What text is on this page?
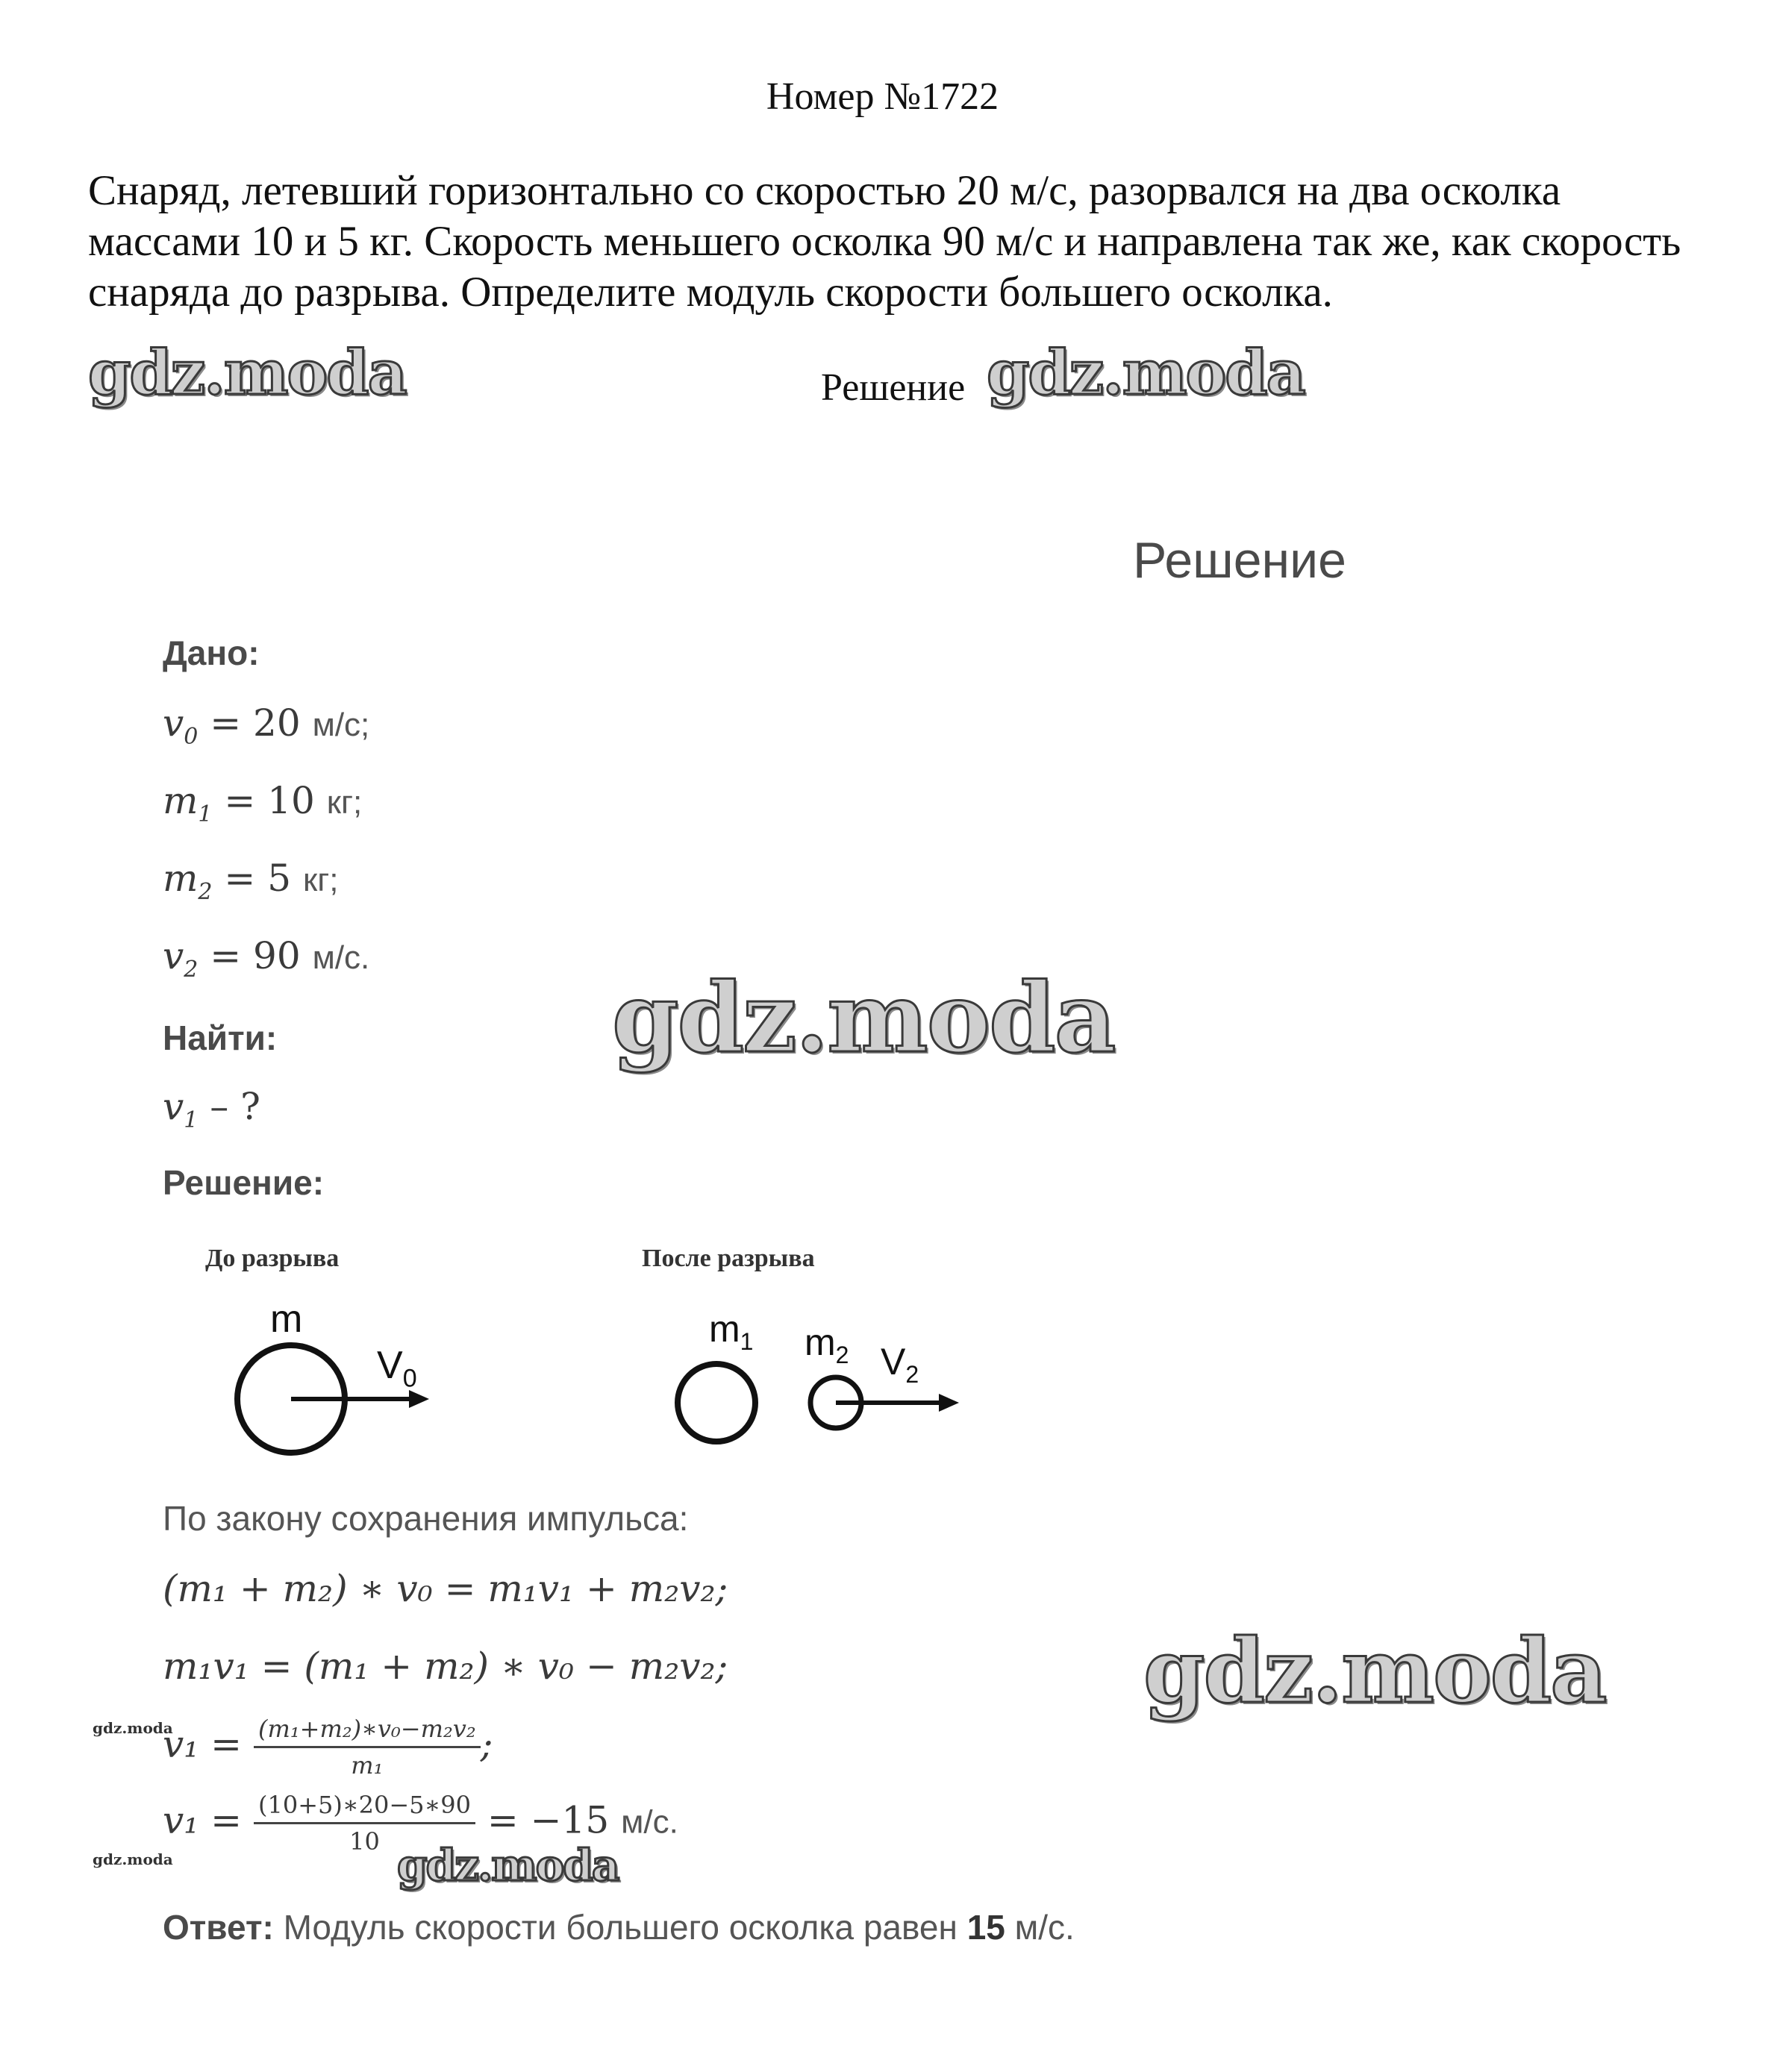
Номер №1722
Снаряд, летевший горизонтально со скоростью 20 м/с, разорвался на два осколка массами 10 и 5 кг. Скорость меньшего осколка 90 м/с и направлена так же, как скорость снаряда до разрыва. Определите модуль скорости большего осколка.
gdz.moda	Решение gdz.moda
Решение
Дано:
$v_0 = 20$ м/с;
$m_1 = 10$ кг;
$m_2 = 5$ кг;
$v_2 = 90$ м/с.
Найти:
$v_1$ – ?
Решение:
gdz.moda
До разрыва	После разрыва
m
$V_0$
$m_1$ $m_2$ $V_2$
По закону сохранения импульса:
(m₁ + m₂) ∗ v₀ = m₁v₁ + m₂v₂;
m₁v₁ = (m₁ + m₂) ∗ v₀ − m₂v₂;	gdz.moda
gdz.moda
$v_1 = \frac{\text{(m₁+m₂)∗v₀−m₂v₂}}{\text{m₁}}$ ;
gdz.moda
$v_1 = \frac{(10+5)∗20-5∗90}{10} = -15$ м/с.
gdz.moda
Ответ: Модуль скорости большего осколка равен 15 м/с.
